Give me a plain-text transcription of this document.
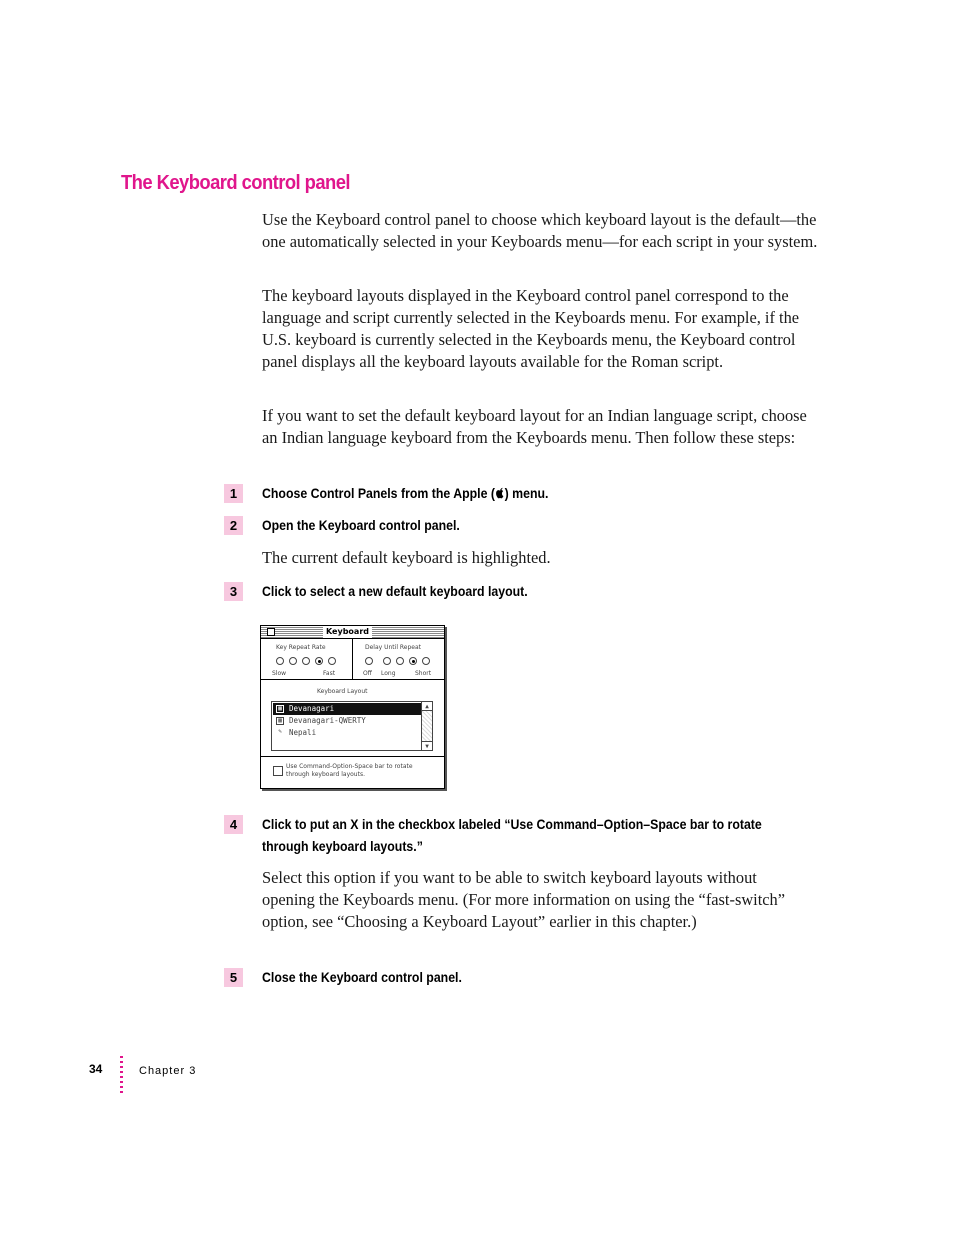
The Keyboard control panel

Use the Keyboard control panel to choose which keyboard layout is the default—the one automatically selected in your Keyboards menu—for each script in your system.

The keyboard layouts displayed in the Keyboard control panel correspond to the language and script currently selected in the Keyboards menu. For example, if the U.S. keyboard is currently selected in the Keyboards menu, the Keyboard control panel displays all the keyboard layouts available for the Roman script.

If you want to set the default keyboard layout for an Indian language script, choose an Indian language keyboard from the Keyboards menu. Then follow these steps:

1	Choose Control Panels from the Apple ( ) menu.
2	Open the Keyboard control panel.

The current default keyboard is highlighted.

3	Click to select a new default keyboard layout.
Keyboard
Key Repeat Rate
Slow	Fast
Delay Until Repeat
Off Long	Short
Keyboard Layout
▦ Devanagari
▦ Devanagari-QWERTY
✎ Nepali
▲
▼
Use Command-Option-Space bar to rotate
through keyboard layouts.
4	Click to put an X in the checkbox labeled “Use Command–Option–Space bar to rotate through keyboard layouts.”

Select this option if you want to be able to switch keyboard layouts without opening the Keyboards menu. (For more information on using the “fast-switch” option, see “Choosing a Keyboard Layout” earlier in this chapter.)

5	Close the Keyboard control panel.
34	Chapter 3
